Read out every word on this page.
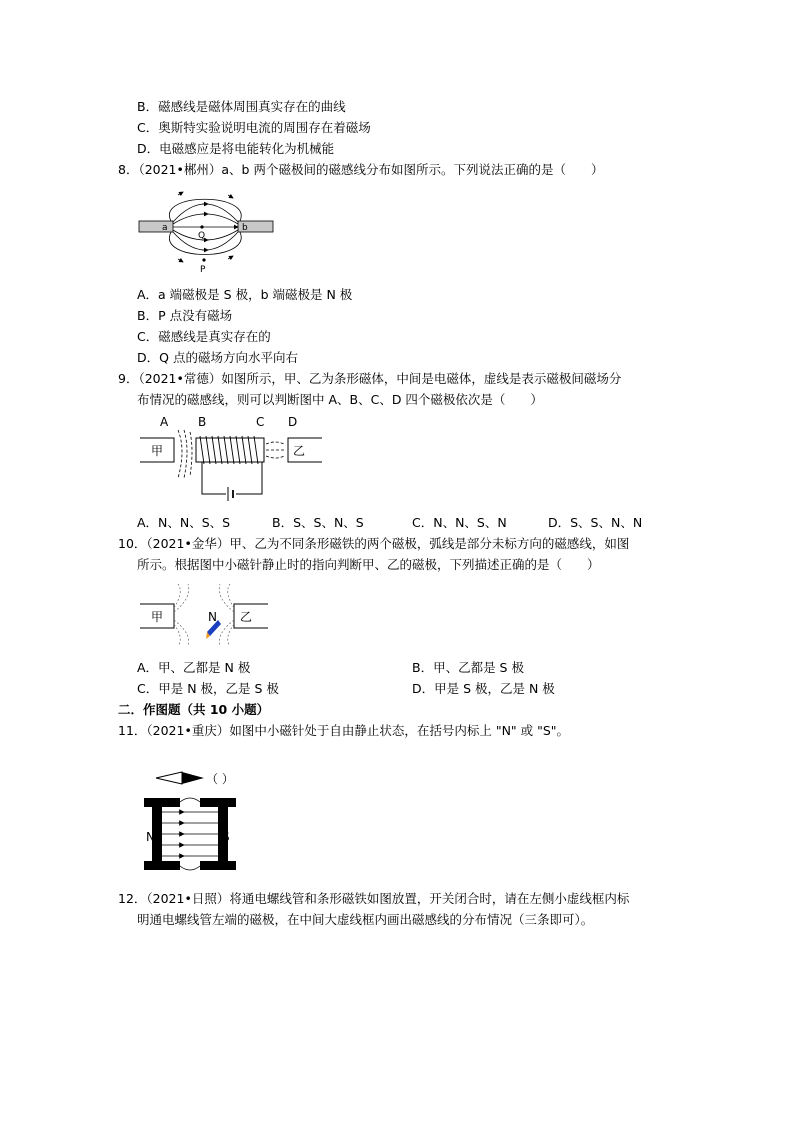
B．磁感线是磁体周围真实存在的曲线
C．奥斯特实验说明电流的周围存在着磁场
D．电磁感应是将电能转化为机械能
8．（2021•郴州）a、b 两个磁极间的磁感线分布如图所示。下列说法正确的是（　　）
a	b
Q
P
A．a 端磁极是 S 极，b 端磁极是 N 极
B．P 点没有磁场
C．磁感线是真实存在的
D．Q 点的磁场方向水平向右
9．（2021•常德）如图所示，甲、乙为条形磁体，中间是电磁体，虚线是表示磁极间磁场分
布情况的磁感线，则可以判断图中 A、B、C、D 四个磁极依次是（　　）
A B	C D
甲	乙
A．N、N、S、S	B．S、S、N、S	C．N、N、S、N	D．S、S、N、N
10．（2021•金华）甲、乙为不同条形磁铁的两个磁极，弧线是部分未标方向的磁感线，如图
所示。根据图中小磁针静止时的指向判断甲、乙的磁极，下列描述正确的是（　　）
甲	乙
N
A．甲、乙都是 N 极	B．甲、乙都是 S 极
C．甲是 N 极，乙是 S 极	D．甲是 S 极，乙是 N 极
二．作图题（共 10 小题）
11．（2021•重庆）如图中小磁针处于自由静止状态，在括号内标上 "N" 或 "S"。
（ ）
N	S
12．（2021•日照）将通电螺线管和条形磁铁如图放置，开关闭合时，请在左侧小虚线框内标
明通电螺线管左端的磁极，在中间大虚线框内画出磁感线的分布情况（三条即可）。
